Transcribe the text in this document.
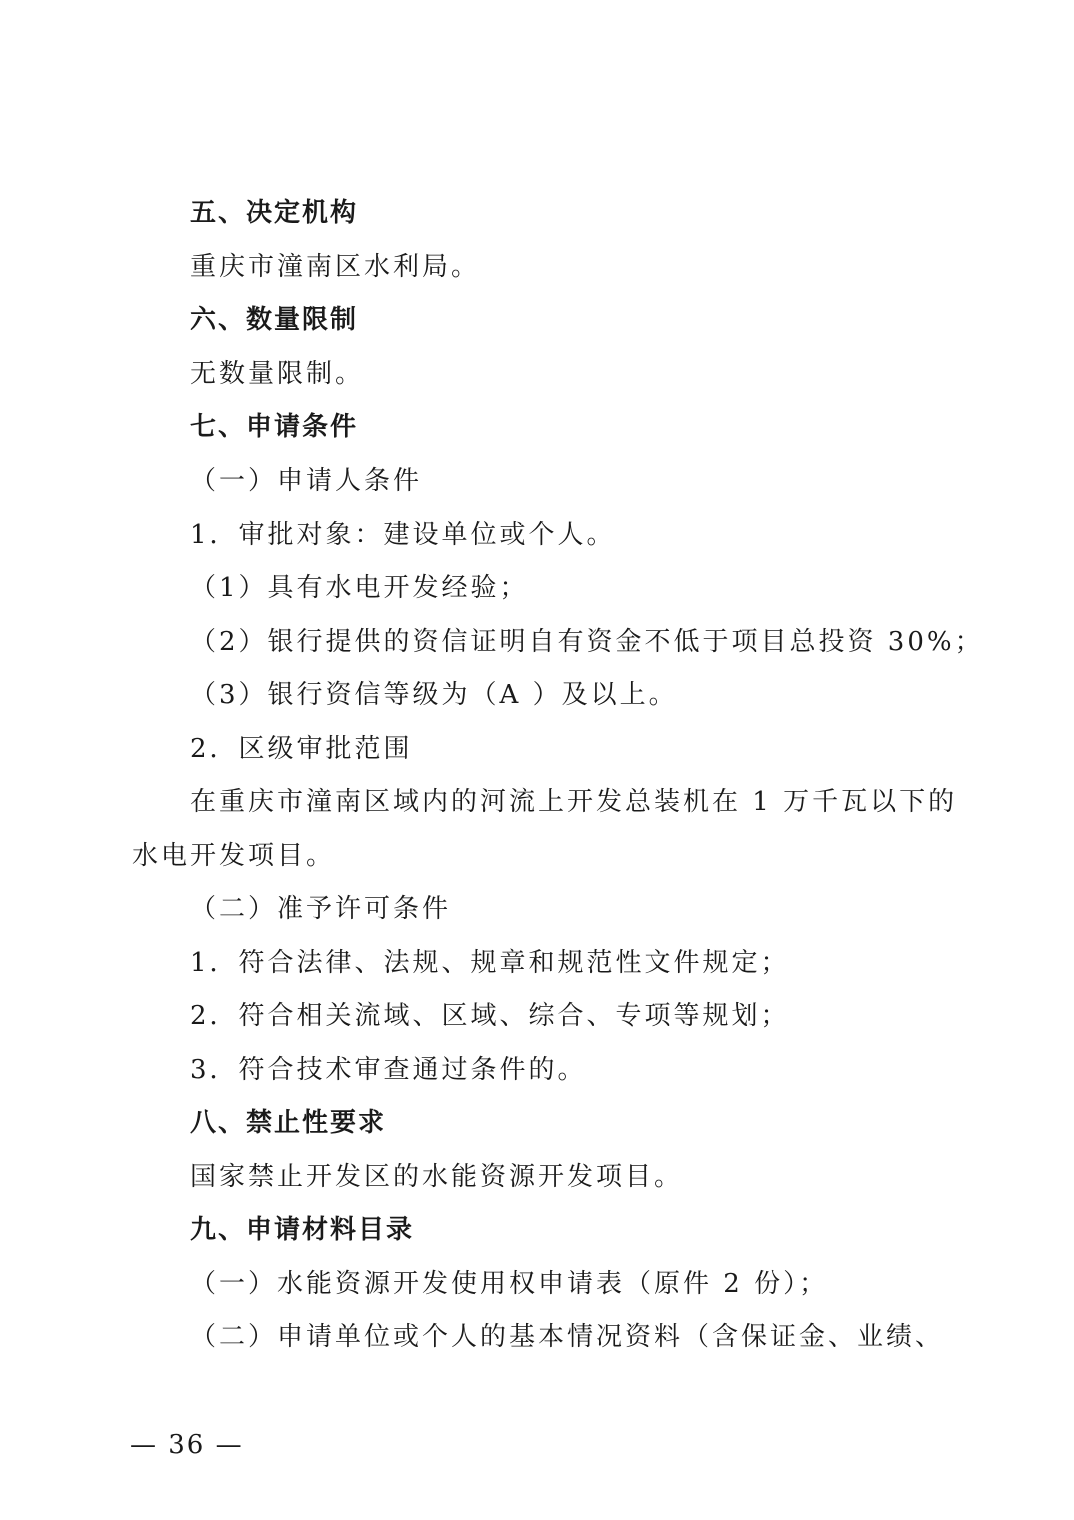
五、决定机构
重庆市潼南区水利局。
六、数量限制
无数量限制。
七、申请条件
（一）申请人条件
1．审批对象：建设单位或个人。
（1）具有水电开发经验；
（2）银行提供的资信证明自有资金不低于项目总投资 30%；
（3）银行资信等级为（A ）及以上。
2．区级审批范围
在重庆市潼南区域内的河流上开发总装机在 1 万千瓦以下的
水电开发项目。
（二）准予许可条件
1．符合法律、法规、规章和规范性文件规定；
2．符合相关流域、区域、综合、专项等规划；
3．符合技术审查通过条件的。
八、禁止性要求
国家禁止开发区的水能资源开发项目。
九、申请材料目录
（一）水能资源开发使用权申请表（原件 2 份）；
（二）申请单位或个人的基本情况资料（含保证金、业绩、
— 36 —
